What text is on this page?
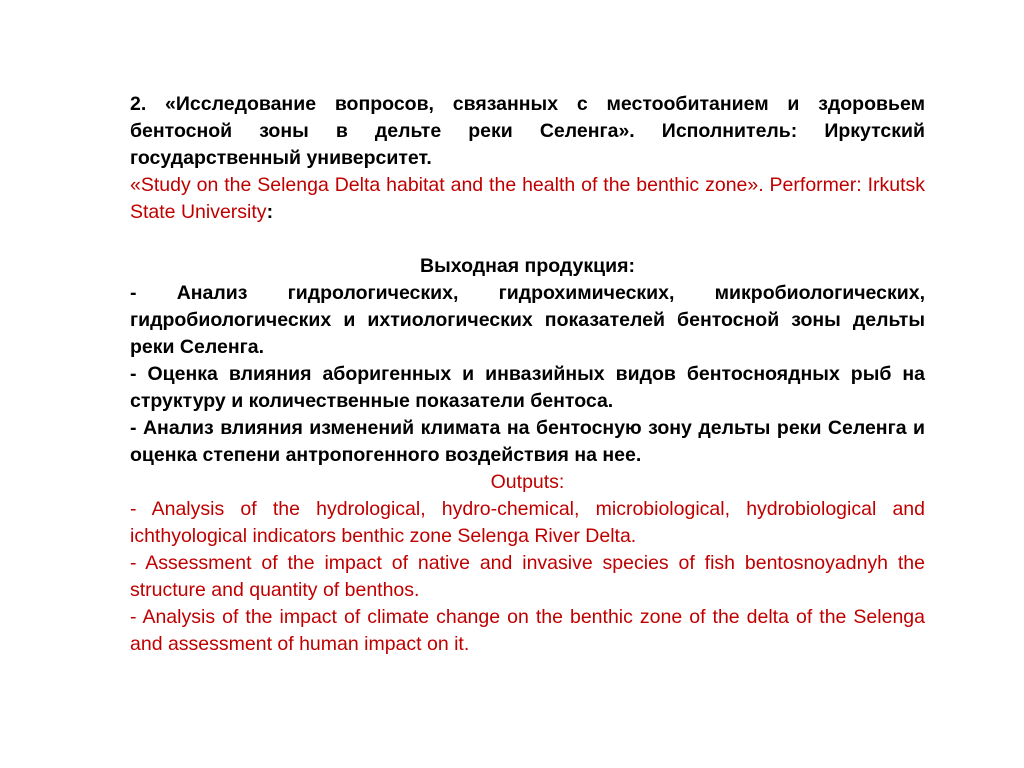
2. «Исследование вопросов, связанных с местообитанием и здоровьем бентосной зоны в дельте реки Селенга». Исполнитель: Иркутский государственный университет.

«Study on the Selenga Delta habitat and the health of the benthic zone». Performer: Irkutsk State University:

Выходная продукция:

- Анализ гидрологических, гидрохимических, микробиологических, гидробиологических и ихтиологических показателей бентосной зоны дельты реки Селенга.

- Оценка влияния аборигенных и инвазийных видов бентосноядных рыб на структуру и количественные показатели бентоса.

- Анализ влияния изменений климата на бентосную зону дельты реки Селенга и оценка степени антропогенного воздействия на нее.

Outputs:

- Analysis of the hydrological, hydro-chemical, microbiological, hydrobiological and ichthyological indicators benthic zone Selenga River Delta.

- Assessment of the impact of native and invasive species of fish bentosnoyadnyh the structure and quantity of benthos.

- Analysis of the impact of climate change on the benthic zone of the delta of the Selenga and assessment of human impact on it.
